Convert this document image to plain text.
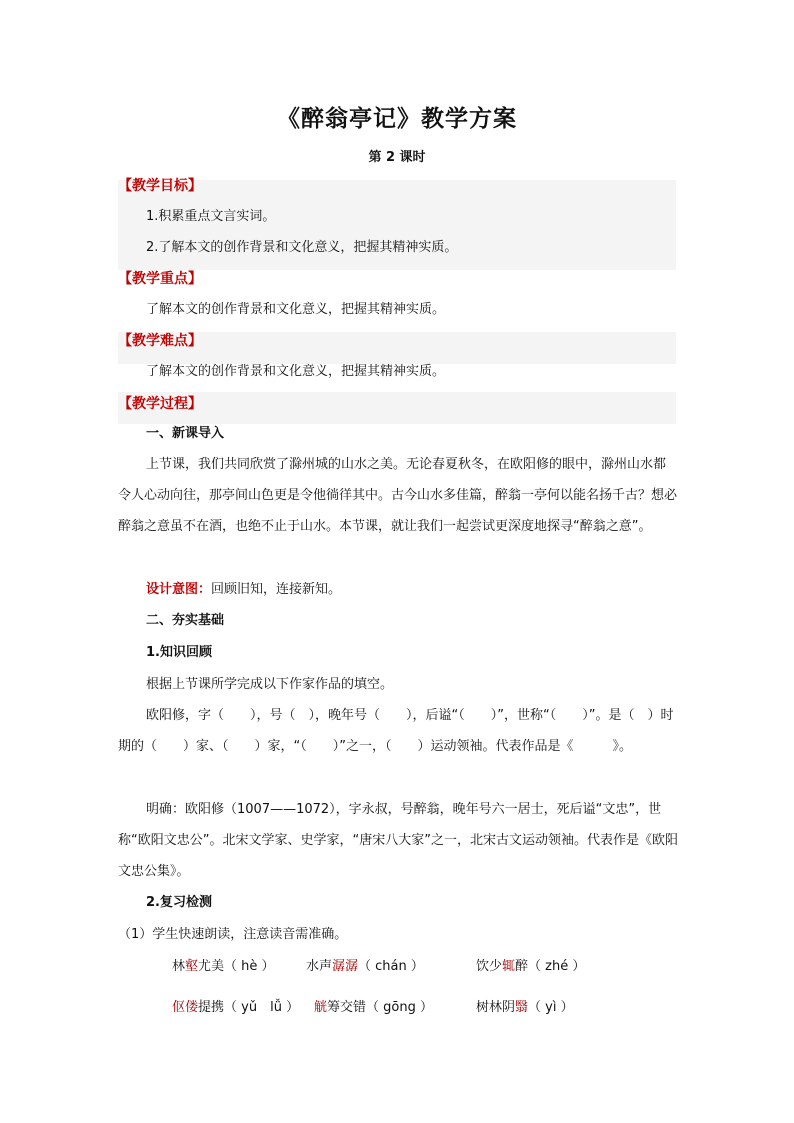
《醉翁亭记》教学方案
第 2 课时
【教学目标】
1.积累重点文言实词。
2.了解本文的创作背景和文化意义，把握其精神实质。
【教学重点】
了解本文的创作背景和文化意义，把握其精神实质。
【教学难点】
了解本文的创作背景和文化意义，把握其精神实质。
【教学过程】
一、新课导入
上节课，我们共同欣赏了滁州城的山水之美。无论春夏秋冬，在欧阳修的眼中，滁州山水都令人心动向往，那亭间山色更是令他徜徉其中。古今山水多佳篇，醉翁一亭何以能名扬千古？想必醉翁之意虽不在酒，也绝不止于山水。本节课，就让我们一起尝试更深度地探寻“醉翁之意”。
设计意图：回顾旧知，连接新知。
二、夯实基础
1.知识回顾
根据上节课所学完成以下作家作品的填空。
欧阳修，字（　　），号（　），晚年号（　　），后谥“（　　）”，世称“（　　）”。是（　）时期的（　　）家、（　　）家，“（　　）”之一，（　　）运动领袖。代表作品是《　　　》。
明确：欧阳修（1007——1072），字永叔，号醉翁，晚年号六一居士，死后谥“文忠”，世称“欧阳文忠公”。北宋文学家、史学家，“唐宋八大家”之一，北宋古文运动领袖。代表作是《欧阳文忠公集》。
2.复习检测
（1）学生快速朗读，注意读音需准确。
林壑尤美（ hè ） 水声潺潺（ chán ）	饮少辄醉（ zhé ）
伛偻提携（ yǔ　lǚ ） 觥筹交错（ gōng ）	树林阴翳（ yì ）
